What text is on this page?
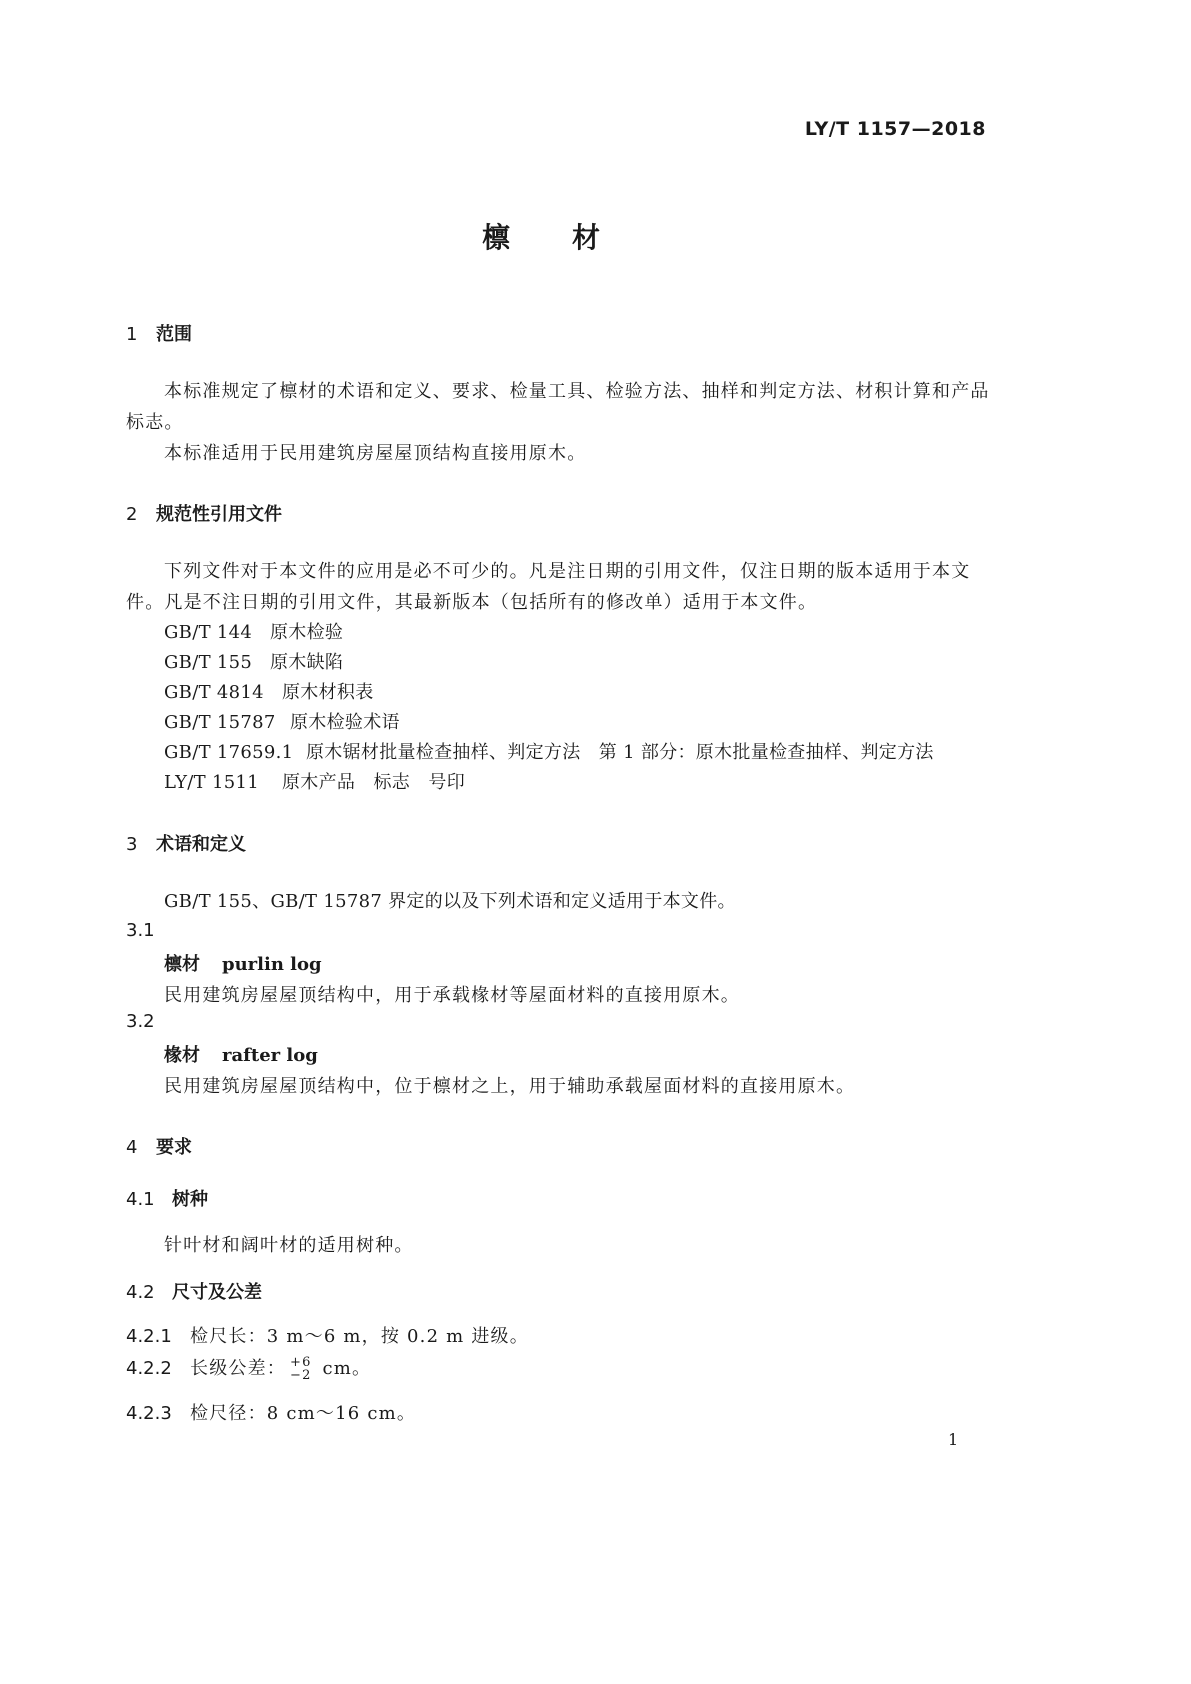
LY/T 1157—2018
檩材
1 范围
本标准规定了檩材的术语和定义、要求、检量工具、检验方法、抽样和判定方法、材积计算和产品
标志。
本标准适用于民用建筑房屋屋顶结构直接用原木。
2 规范性引用文件
下列文件对于本文件的应用是必不可少的。凡是注日期的引用文件，仅注日期的版本适用于本文
件。凡是不注日期的引用文件，其最新版本（包括所有的修改单）适用于本文件。
GB/T 144 原木检验
GB/T 155 原木缺陷
GB/T 4814 原木材积表
GB/T 15787 原木检验术语
GB/T 17659.1 原木锯材批量检查抽样、判定方法　第 1 部分：原木批量检查抽样、判定方法
LY/T 1511 原木产品　标志　号印
3 术语和定义
GB/T 155、GB/T 15787 界定的以及下列术语和定义适用于本文件。
3.1
檩材 purlin log
民用建筑房屋屋顶结构中，用于承载椽材等屋面材料的直接用原木。
3.2
椽材 rafter log
民用建筑房屋屋顶结构中，位于檩材之上，用于辅助承载屋面材料的直接用原木。
4 要求
4.1 树种
针叶材和阔叶材的适用树种。
4.2 尺寸及公差
4.2.1 检尺长：3 m～6 m，按 0.2 m 进级。
4.2.2 长级公差： +6
−2 cm。
4.2.3 检尺径：8 cm～16 cm。
1
